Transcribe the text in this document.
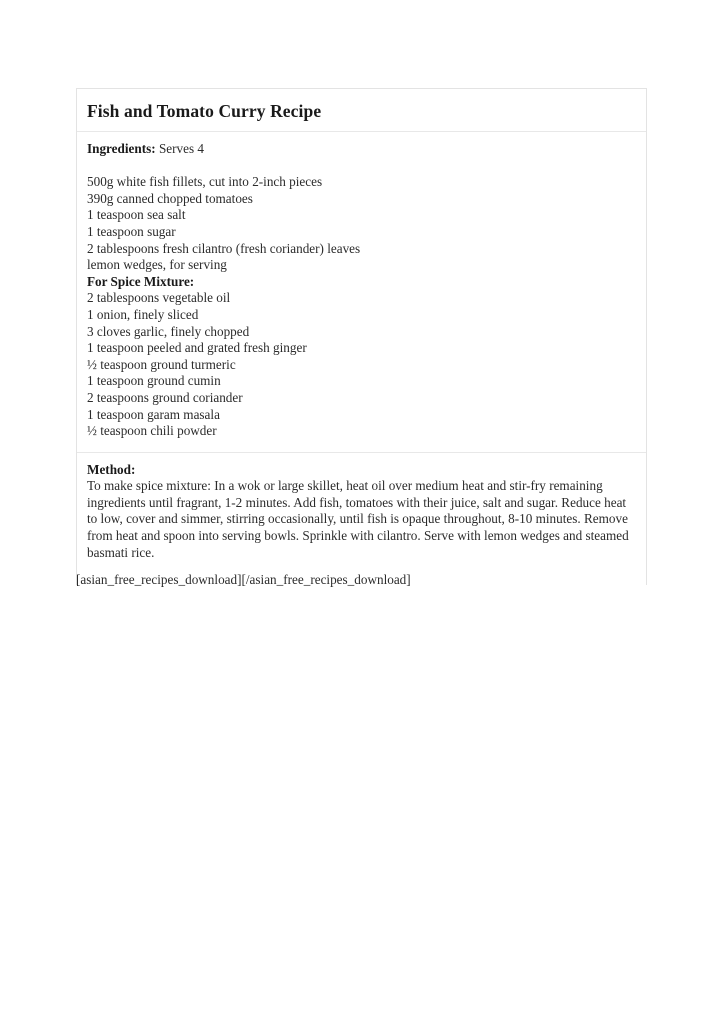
Fish and Tomato Curry Recipe
Ingredients: Serves 4
500g white fish fillets, cut into 2-inch pieces
390g canned chopped tomatoes
1 teaspoon sea salt
1 teaspoon sugar
2 tablespoons fresh cilantro (fresh coriander) leaves
lemon wedges, for serving
For Spice Mixture:
2 tablespoons vegetable oil
1 onion, finely sliced
3 cloves garlic, finely chopped
1 teaspoon peeled and grated fresh ginger
½ teaspoon ground turmeric
1 teaspoon ground cumin
2 teaspoons ground coriander
1 teaspoon garam masala
½ teaspoon chili powder
Method:
To make spice mixture: In a wok or large skillet, heat oil over medium heat and stir-fry remaining ingredients until fragrant, 1-2 minutes. Add fish, tomatoes with their juice, salt and sugar. Reduce heat to low, cover and simmer, stirring occasionally, until fish is opaque throughout, 8-10 minutes. Remove from heat and spoon into serving bowls. Sprinkle with cilantro. Serve with lemon wedges and steamed basmati rice.
[asian_free_recipes_download][/asian_free_recipes_download]
